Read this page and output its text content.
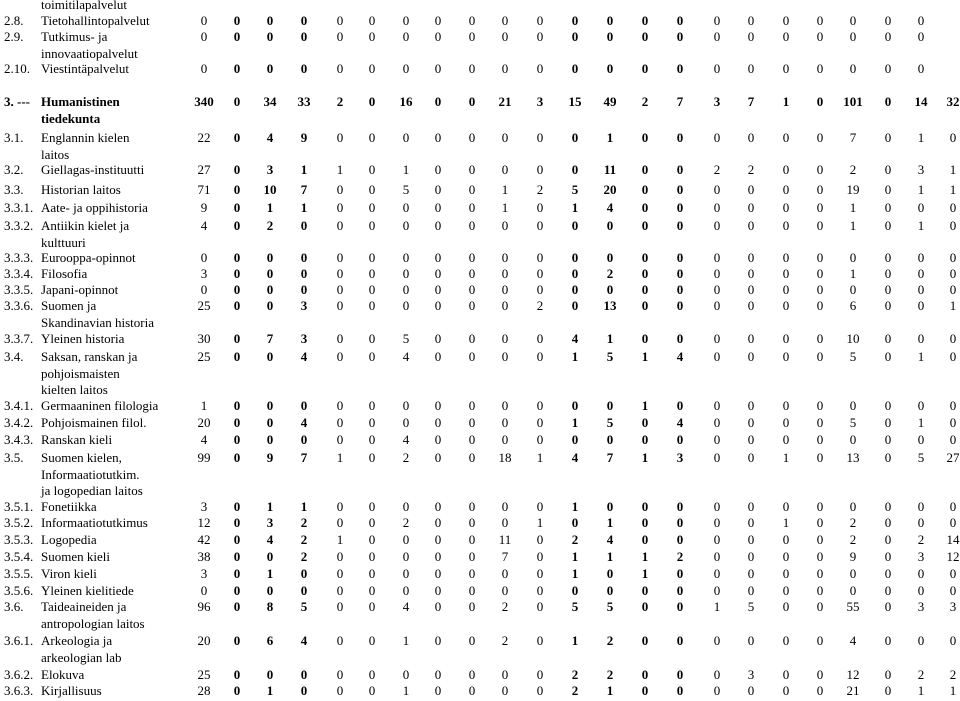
toimitilapalvelut
2.8. Tietohallintopalvelut	0	0	0	0	0	0	0	0	0	0	0	0	0	0	0	0	0	0	0	0	0	0
2.9. Tutkimus- ja
innovaatiopalvelut
0	0	0	0	0	0	0	0	0	0	0	0	0	0	0	0	0	0	0	0	0	0
2.10. Viestintäpalvelut	0	0	0	0	0	0	0	0	0	0	0	0	0	0	0	0	0	0	0	0	0	0
3. --- Humanistinen
tiedekunta
340	0	34	33	2	0	16	0	0	21	3	15	49	2	7	3	7	1	0	101	0	14	32
3.1. Englannin kielen
laitos
22	0	4	9	0	0	0	0	0	0	0	0	1	0	0	0	0	0	0	7	0	1	0
3.2. Giellagas-instituutti	27	0	3	1	1	0	1	0	0	0	0	0	11	0	0	2	2	0	0	2	0	3	1
3.3. Historian laitos	71	0	10	7	0	0	5	0	0	1	2	5	20	0	0	0	0	0	0	19	0	1	1
3.3.1. Aate- ja oppihistoria	9	0	1	1	0	0	0	0	0	1	0	1	4	0	0	0	0	0	0	1	0	0	0
3.3.2. Antiikin kielet ja
kulttuuri
4	0	2	0	0	0	0	0	0	0	0	0	0	0	0	0	0	0	0	1	0	1	0
3.3.3. Eurooppa-opinnot	0	0	0	0	0	0	0	0	0	0	0	0	0	0	0	0	0	0	0	0	0	0	0
3.3.4. Filosofia	3	0	0	0	0	0	0	0	0	0	0	0	2	0	0	0	0	0	0	1	0	0	0
3.3.5. Japani-opinnot	0	0	0	0	0	0	0	0	0	0	0	0	0	0	0	0	0	0	0	0	0	0	0
3.3.6. Suomen ja
Skandinavian historia
25	0	0	3	0	0	0	0	0	0	2	0	13	0	0	0	0	0	0	6	0	0	1
3.3.7. Yleinen historia	30	0	7	3	0	0	5	0	0	0	0	4	1	0	0	0	0	0	0	10	0	0	0
3.4. Saksan, ranskan ja
pohjoismaisten
kielten laitos
25	0	0	4	0	0	4	0	0	0	0	1	5	1	4	0	0	0	0	5	0	1	0
3.4.1. Germaaninen filologia	1	0	0	0	0	0	0	0	0	0	0	0	0	1	0	0	0	0	0	0	0	0	0
3.4.2. Pohjoismainen filol.	20	0	0	4	0	0	0	0	0	0	0	1	5	0	4	0	0	0	0	5	0	1	0
3.4.3. Ranskan kieli	4	0	0	0	0	0	4	0	0	0	0	0	0	0	0	0	0	0	0	0	0	0	0
3.5. Suomen kielen,
Informaatiotutkim.
ja logopedian laitos
99	0	9	7	1	0	2	0	0	18	1	4	7	1	3	0	0	1	0	13	0	5	27
3.5.1. Fonetiikka	3	0	1	1	0	0	0	0	0	0	0	1	0	0	0	0	0	0	0	0	0	0	0
3.5.2. Informaatiotutkimus	12	0	3	2	0	0	2	0	0	0	1	0	1	0	0	0	0	1	0	2	0	0	0
3.5.3. Logopedia	42	0	4	2	1	0	0	0	0	11	0	2	4	0	0	0	0	0	0	2	0	2	14
3.5.4. Suomen kieli	38	0	0	2	0	0	0	0	0	7	0	1	1	1	2	0	0	0	0	9	0	3	12
3.5.5. Viron kieli	3	0	1	0	0	0	0	0	0	0	0	1	0	1	0	0	0	0	0	0	0	0	0
3.5.6. Yleinen kielitiede	0	0	0	0	0	0	0	0	0	0	0	0	0	0	0	0	0	0	0	0	0	0	0
3.6. Taideaineiden ja
antropologian laitos
96	0	8	5	0	0	4	0	0	2	0	5	5	0	0	1	5	0	0	55	0	3	3
3.6.1. Arkeologia ja
arkeologian lab
20	0	6	4	0	0	1	0	0	2	0	1	2	0	0	0	0	0	0	4	0	0	0
3.6.2. Elokuva	25	0	0	0	0	0	0	0	0	0	0	2	2	0	0	0	3	0	0	12	0	2	2
3.6.3. Kirjallisuus	28	0	1	0	0	0	1	0	0	0	0	2	1	0	0	0	0	0	0	21	0	1	1
